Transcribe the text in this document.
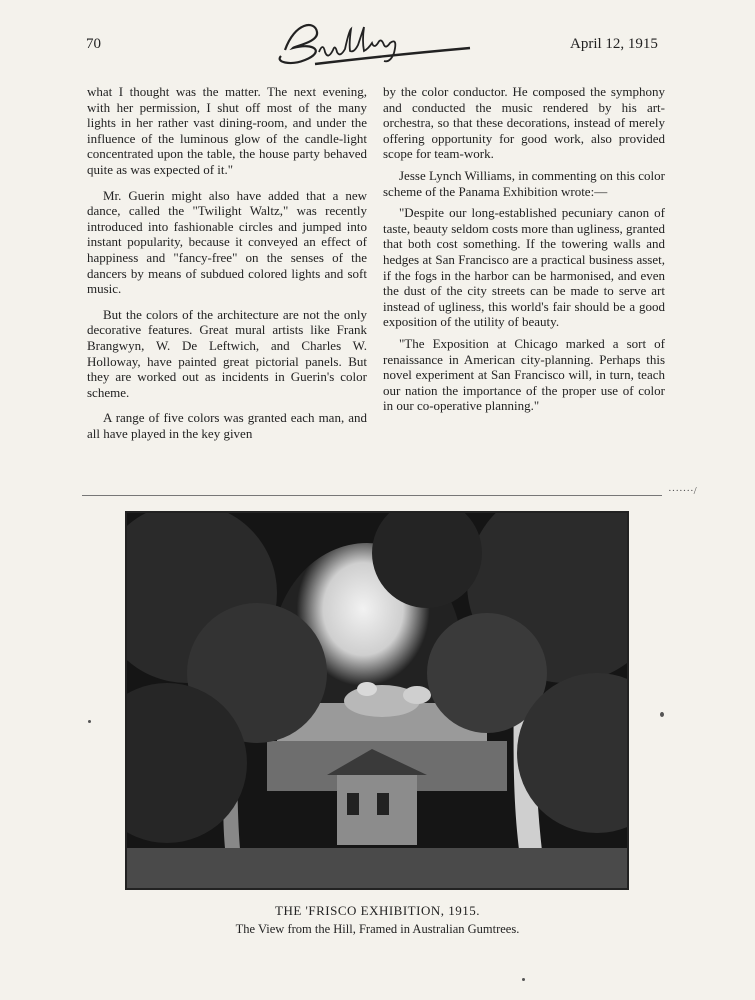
70	April 12, 1915

what I thought was the matter. The next evening, with her permission, I shut off most of the many lights in her rather vast dining-room, and under the influence of the luminous glow of the candle-light concentrated upon the table, the house party behaved quite as was expected of it."

Mr. Guerin might also have added that a new dance, called the "Twilight Waltz," was recently introduced into fashionable circles and jumped into instant popularity, because it conveyed an effect of happiness and "fancy-free" on the senses of the dancers by means of subdued colored lights and soft music.

But the colors of the architecture are not the only decorative features. Great mural artists like Frank Brangwyn, W. De Leftwich, and Charles W. Holloway, have painted great pictorial panels. But they are worked out as incidents in Guerin's color scheme.

A range of five colors was granted each man, and all have played in the key given

by the color conductor. He composed the symphony and conducted the music rendered by his art-orchestra, so that these decorations, instead of merely offering opportunity for good work, also provided scope for team-work.

Jesse Lynch Williams, in commenting on this color scheme of the Panama Exhibition wrote:—

"Despite our long-established pecuniary canon of taste, beauty seldom costs more than ugliness, granted that both cost something. If the towering walls and hedges at San Francisco are a practical business asset, if the fogs in the harbor can be harmonised, and even the dust of the city streets can be made to serve art instead of ugliness, this world's fair should be a good exposition of the utility of beauty.

"The Exposition at Chicago marked a sort of renaissance in American city-planning. Perhaps this novel experiment at San Francisco will, in turn, teach our nation the importance of the proper use of color in our co-operative planning."

·······/
THE 'FRISCO EXHIBITION, 1915.
The View from the Hill, Framed in Australian Gumtrees.
